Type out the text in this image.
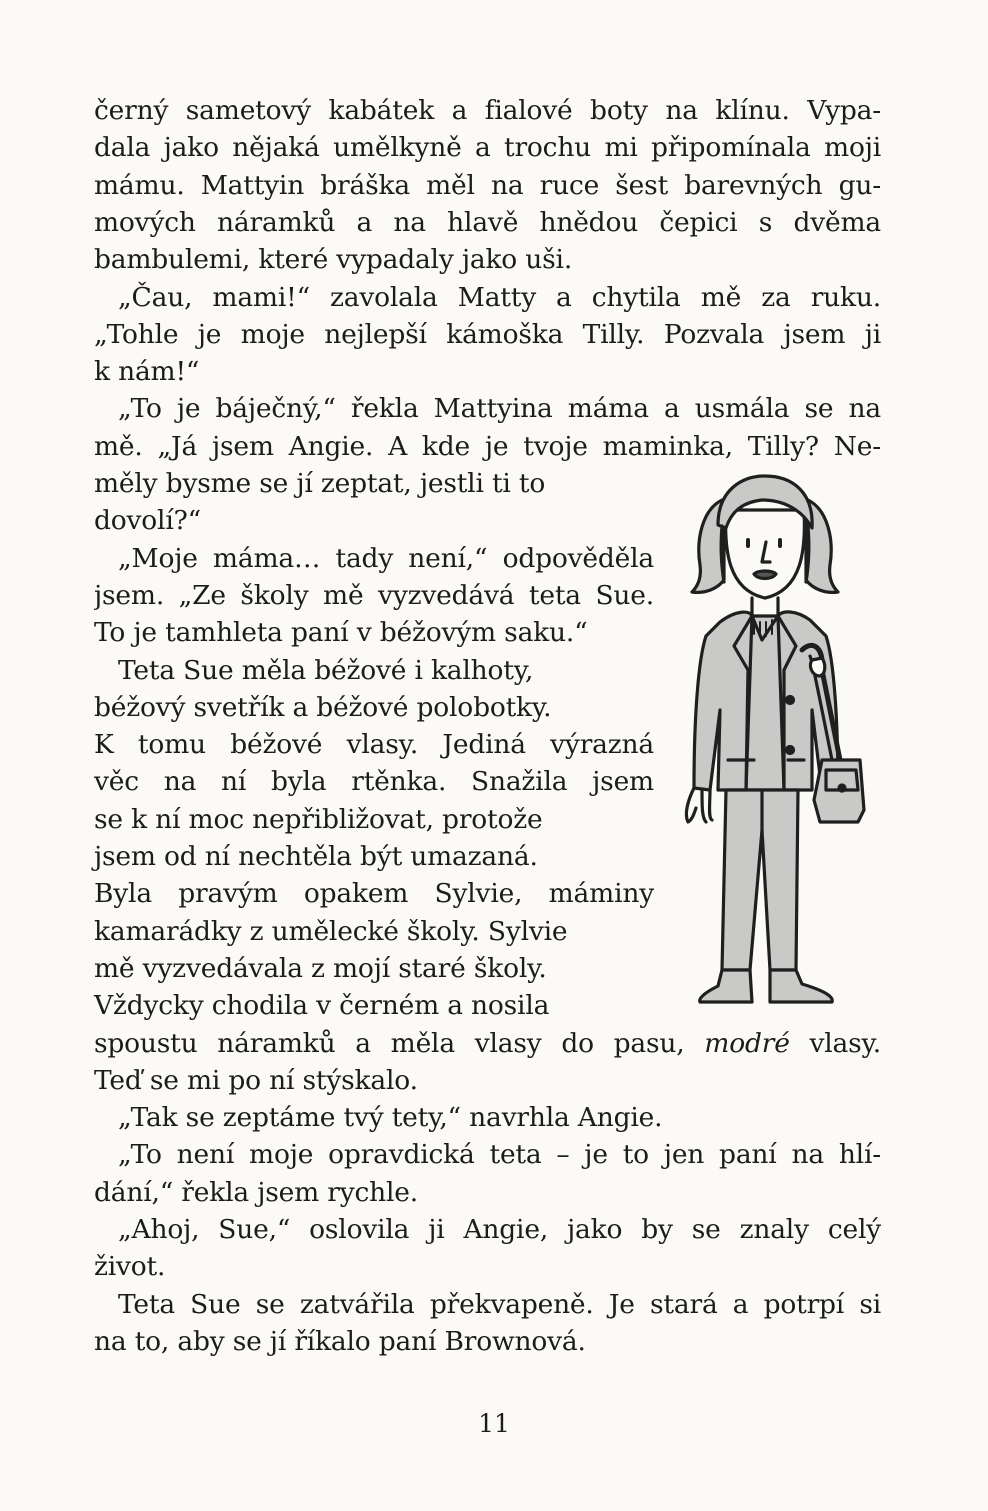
černý sametový kabátek a fialové boty na klínu. Vypa-
dala jako nějaká umělkyně a trochu mi připomínala moji
mámu. Mattyin bráška měl na ruce šest barevných gu-
mových náramků a na hlavě hnědou čepici s dvěma
bambulemi, které vypadaly jako uši.
„Čau, mami!“ zavolala Matty a chytila mě za ruku.
„Tohle je moje nejlepší kámoška Tilly. Pozvala jsem ji
k nám!“
„To je báječný,“ řekla Mattyina máma a usmála se na
mě. „Já jsem Angie. A kde je tvoje maminka, Tilly? Ne-
měly bysme se jí zeptat, jestli ti to
dovolí?“
„Moje máma… tady není,“ odpověděla
jsem. „Ze školy mě vyzvedává teta Sue.
To je tamhleta paní v béžovým saku.“
Teta Sue měla béžové i kalhoty,
béžový svetřík a béžové polobotky.
K tomu béžové vlasy. Jediná výrazná
věc na ní byla rtěnka. Snažila jsem
se k ní moc nepřibližovat, protože
jsem od ní nechtěla být umazaná.
Byla pravým opakem Sylvie, máminy
kamarádky z umělecké školy. Sylvie
mě vyzvedávala z mojí staré školy.
Vždycky chodila v černém a nosila
spoustu náramků a měla vlasy do pasu, modré vlasy.
Teď se mi po ní stýskalo.
„Tak se zeptáme tvý tety,“ navrhla Angie.
„To není moje opravdická teta – je to jen paní na hlí-
dání,“ řekla jsem rychle.
„Ahoj, Sue,“ oslovila ji Angie, jako by se znaly celý
život.
Teta Sue se zatvářila překvapeně. Je stará a potrpí si
na to, aby se jí říkalo paní Brownová.
11
